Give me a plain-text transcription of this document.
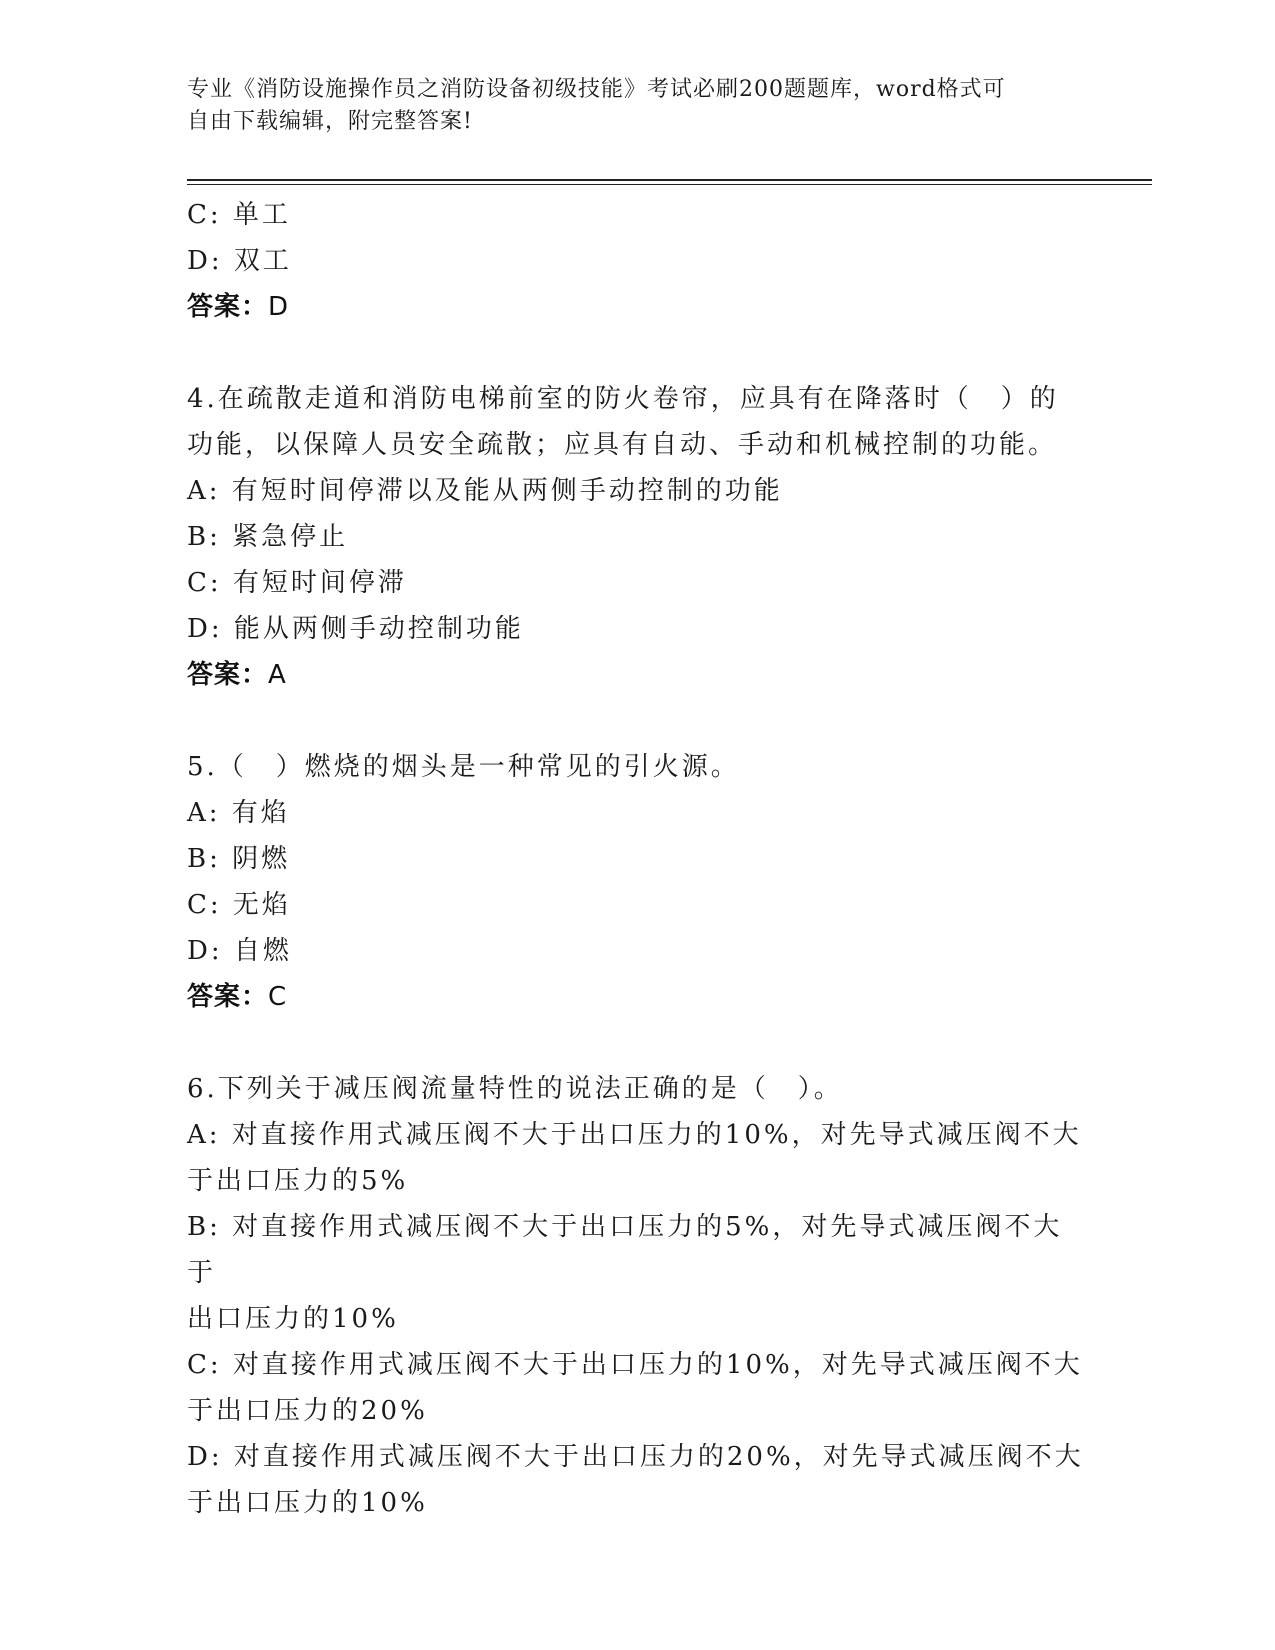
专业《消防设施操作员之消防设备初级技能》考试必刷200题题库，word格式可
自由下载编辑，附完整答案!
C: 单工
D: 双工
答案：D
4.在疏散走道和消防电梯前室的防火卷帘，应具有在降落时（　）的
功能，以保障人员安全疏散；应具有自动、手动和机械控制的功能。
A: 有短时间停滞以及能从两侧手动控制的功能
B: 紧急停止
C: 有短时间停滞
D: 能从两侧手动控制功能
答案：A
5.（　）燃烧的烟头是一种常见的引火源。
A: 有焰
B: 阴燃
C: 无焰
D: 自燃
答案：C
6.下列关于减压阀流量特性的说法正确的是（　）。
A: 对直接作用式减压阀不大于出口压力的10%，对先导式减压阀不大
于出口压力的5%
B: 对直接作用式减压阀不大于出口压力的5%，对先导式减压阀不大于
出口压力的10%
C: 对直接作用式减压阀不大于出口压力的10%，对先导式减压阀不大
于出口压力的20%
D: 对直接作用式减压阀不大于出口压力的20%，对先导式减压阀不大
于出口压力的10%
